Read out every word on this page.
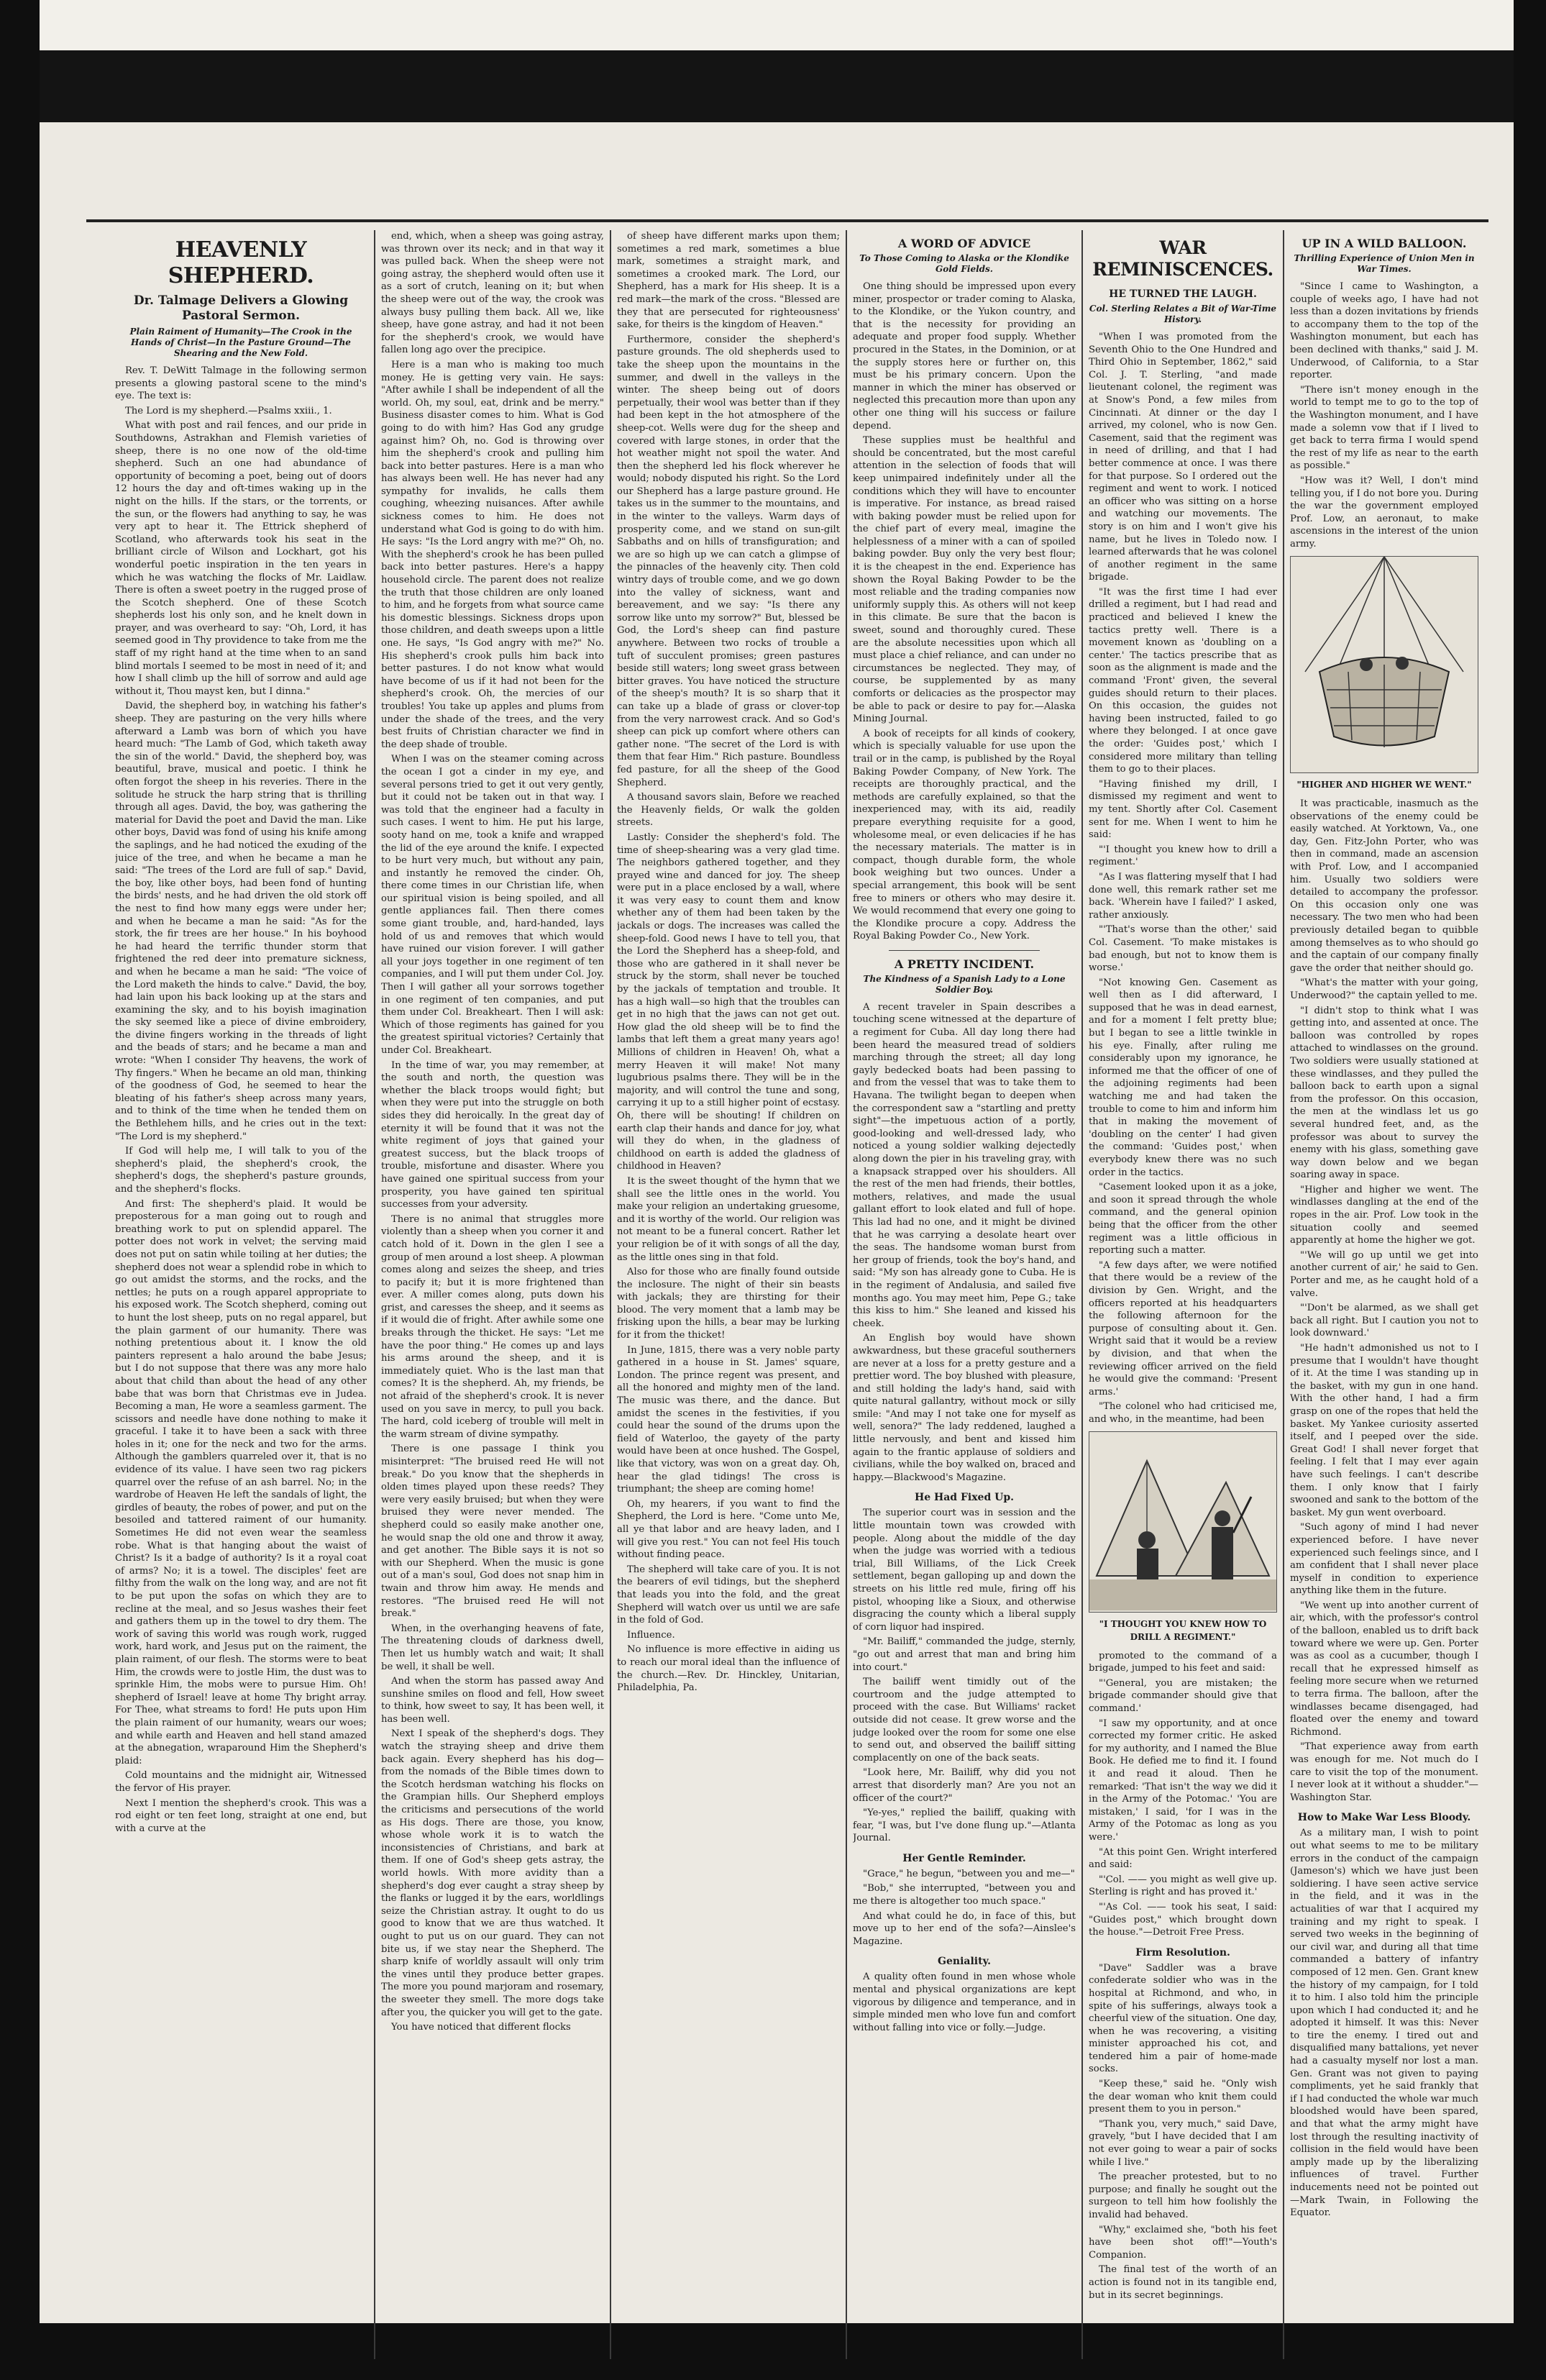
HEAVENLY SHEPHERD.
Dr. Talmage Delivers a Glowing Pastoral Sermon.
Plain Raiment of Humanity—The Crook in the Hands of Christ—In the Pasture Ground—The Shearing and the New Fold.

Rev. T. DeWitt Talmage in the following sermon presents a glowing pastoral scene to the mind's eye. The text is:

The Lord is my shepherd.—Psalms xxiii., 1.

What with post and rail fences, and our pride in Southdowns, Astrakhan and Flemish varieties of sheep, there is no one now of the old-time shepherd. Such an one had abundance of opportunity of becoming a poet, being out of doors 12 hours the day and oft-times waking up in the night on the hills. If the stars, or the torrents, or the sun, or the flowers had anything to say, he was very apt to hear it. The Ettrick shepherd of Scotland, who afterwards took his seat in the brilliant circle of Wilson and Lockhart, got his wonderful poetic inspiration in the ten years in which he was watching the flocks of Mr. Laidlaw. There is often a sweet poetry in the rugged prose of the Scotch shepherd. One of these Scotch shepherds lost his only son, and he knelt down in prayer, and was overheard to say: "Oh, Lord, it has seemed good in Thy providence to take from me the staff of my right hand at the time when to an sand blind mortals I seemed to be most in need of it; and how I shall climb up the hill of sorrow and auld age without it, Thou mayst ken, but I dinna."

David, the shepherd boy, in watching his father's sheep. They are pasturing on the very hills where afterward a Lamb was born of which you have heard much: "The Lamb of God, which taketh away the sin of the world." David, the shepherd boy, was beautiful, brave, musical and poetic. I think he often forgot the sheep in his reveries. There in the solitude he struck the harp string that is thrilling through all ages. David, the boy, was gathering the material for David the poet and David the man. Like other boys, David was fond of using his knife among the saplings, and he had noticed the exuding of the juice of the tree, and when he became a man he said: "The trees of the Lord are full of sap." David, the boy, like other boys, had been fond of hunting the birds' nests, and he had driven the old stork off the nest to find how many eggs were under her; and when he became a man he said: "As for the stork, the fir trees are her house." In his boyhood he had heard the terrific thunder storm that frightened the red deer into premature sickness, and when he became a man he said: "The voice of the Lord maketh the hinds to calve." David, the boy, had lain upon his back looking up at the stars and examining the sky, and to his boyish imagination the sky seemed like a piece of divine embroidery, the divine fingers working in the threads of light and the beads of stars; and he became a man and wrote: "When I consider Thy heavens, the work of Thy fingers." When he became an old man, thinking of the goodness of God, he seemed to hear the bleating of his father's sheep across many years, and to think of the time when he tended them on the Bethlehem hills, and he cries out in the text: "The Lord is my shepherd."

If God will help me, I will talk to you of the shepherd's plaid, the shepherd's crook, the shepherd's dogs, the shepherd's pasture grounds, and the shepherd's flocks.

And first: The shepherd's plaid. It would be preposterous for a man going out to rough and breathing work to put on splendid apparel. The potter does not work in velvet; the serving maid does not put on satin while toiling at her duties; the shepherd does not wear a splendid robe in which to go out amidst the storms, and the rocks, and the nettles; he puts on a rough apparel appropriate to his exposed work. The Scotch shepherd, coming out to hunt the lost sheep, puts on no regal apparel, but the plain garment of our humanity. There was nothing pretentious about it. I know the old painters represent a halo around the babe Jesus; but I do not suppose that there was any more halo about that child than about the head of any other babe that was born that Christmas eve in Judea. Becoming a man, He wore a seamless garment. The scissors and needle have done nothing to make it graceful. I take it to have been a sack with three holes in it; one for the neck and two for the arms. Although the gamblers quarreled over it, that is no evidence of its value. I have seen two rag pickers quarrel over the refuse of an ash barrel. No; in the wardrobe of Heaven He left the sandals of light, the girdles of beauty, the robes of power, and put on the besoiled and tattered raiment of our humanity. Sometimes He did not even wear the seamless robe. What is that hanging about the waist of Christ? Is it a badge of authority? Is it a royal coat of arms? No; it is a towel. The disciples' feet are filthy from the walk on the long way, and are not fit to be put upon the sofas on which they are to recline at the meal, and so Jesus washes their feet and gathers them up in the towel to dry them. The work of saving this world was rough work, rugged work, hard work, and Jesus put on the raiment, the plain raiment, of our flesh. The storms were to beat Him, the crowds were to jostle Him, the dust was to sprinkle Him, the mobs were to pursue Him. Oh! shepherd of Israel! leave at home Thy bright array. For Thee, what streams to ford! He puts upon Him the plain raiment of our humanity, wears our woes; and while earth and Heaven and hell stand amazed at the abnegation, wraparound Him the Shepherd's plaid:

Cold mountains and the midnight air, Witnessed the fervor of His prayer.

Next I mention the shepherd's crook. This was a rod eight or ten feet long, straight at one end, but with a curve at the

end, which, when a sheep was going astray, was thrown over its neck; and in that way it was pulled back. When the sheep were not going astray, the shepherd would often use it as a sort of crutch, leaning on it; but when the sheep were out of the way, the crook was always busy pulling them back. All we, like sheep, have gone astray, and had it not been for the shepherd's crook, we would have fallen long ago over the precipice.

Here is a man who is making too much money. He is getting very vain. He says: "After awhile I shall be independent of all the world. Oh, my soul, eat, drink and be merry." Business disaster comes to him. What is God going to do with him? Has God any grudge against him? Oh, no. God is throwing over him the shepherd's crook and pulling him back into better pastures. Here is a man who has always been well. He has never had any sympathy for invalids, he calls them coughing, wheezing nuisances. After awhile sickness comes to him. He does not understand what God is going to do with him. He says: "Is the Lord angry with me?" Oh, no. With the shepherd's crook he has been pulled back into better pastures. Here's a happy household circle. The parent does not realize the truth that those children are only loaned to him, and he forgets from what source came his domestic blessings. Sickness drops upon those children, and death sweeps upon a little one. He says, "Is God angry with me?" No. His shepherd's crook pulls him back into better pastures. I do not know what would have become of us if it had not been for the shepherd's crook. Oh, the mercies of our troubles! You take up apples and plums from under the shade of the trees, and the very best fruits of Christian character we find in the deep shade of trouble.

When I was on the steamer coming across the ocean I got a cinder in my eye, and several persons tried to get it out very gently, but it could not be taken out in that way. I was told that the engineer had a faculty in such cases. I went to him. He put his large, sooty hand on me, took a knife and wrapped the lid of the eye around the knife. I expected to be hurt very much, but without any pain, and instantly he removed the cinder. Oh, there come times in our Christian life, when our spiritual vision is being spoiled, and all gentle appliances fail. Then there comes some giant trouble, and, hard-handed, lays hold of us and removes that which would have ruined our vision forever. I will gather all your joys together in one regiment of ten companies, and I will put them under Col. Joy. Then I will gather all your sorrows together in one regiment of ten companies, and put them under Col. Breakheart. Then I will ask: Which of those regiments has gained for you the greatest spiritual victories? Certainly that under Col. Breakheart.

In the time of war, you may remember, at the south and north, the question was whether the black troops would fight; but when they were put into the struggle on both sides they did heroically. In the great day of eternity it will be found that it was not the white regiment of joys that gained your greatest success, but the black troops of trouble, misfortune and disaster. Where you have gained one spiritual success from your prosperity, you have gained ten spiritual successes from your adversity.

There is no animal that struggles more violently than a sheep when you corner it and catch hold of it. Down in the glen I see a group of men around a lost sheep. A plowman comes along and seizes the sheep, and tries to pacify it; but it is more frightened than ever. A miller comes along, puts down his grist, and caresses the sheep, and it seems as if it would die of fright. After awhile some one breaks through the thicket. He says: "Let me have the poor thing." He comes up and lays his arms around the sheep, and it is immediately quiet. Who is the last man that comes? It is the shepherd. Ah, my friends, be not afraid of the shepherd's crook. It is never used on you save in mercy, to pull you back. The hard, cold iceberg of trouble will melt in the warm stream of divine sympathy.

There is one passage I think you misinterpret: "The bruised reed He will not break." Do you know that the shepherds in olden times played upon these reeds? They were very easily bruised; but when they were bruised they were never mended. The shepherd could so easily make another one, he would snap the old one and throw it away, and get another. The Bible says it is not so with our Shepherd. When the music is gone out of a man's soul, God does not snap him in twain and throw him away. He mends and restores. "The bruised reed He will not break."

When, in the overhanging heavens of fate, The threatening clouds of darkness dwell, Then let us humbly watch and wait; It shall be well, it shall be well.

And when the storm has passed away And sunshine smiles on flood and fell, How sweet to think, how sweet to say, It has been well, it has been well.

Next I speak of the shepherd's dogs. They watch the straying sheep and drive them back again. Every shepherd has his dog—from the nomads of the Bible times down to the Scotch herdsman watching his flocks on the Grampian hills. Our Shepherd employs the criticisms and persecutions of the world as His dogs. There are those, you know, whose whole work it is to watch the inconsistencies of Christians, and bark at them. If one of God's sheep gets astray, the world howls. With more avidity than a shepherd's dog ever caught a stray sheep by the flanks or lugged it by the ears, worldlings seize the Christian astray. It ought to do us good to know that we are thus watched. It ought to put us on our guard. They can not bite us, if we stay near the Shepherd. The sharp knife of worldly assault will only trim the vines until they produce better grapes. The more you pound marjoram and rosemary, the sweeter they smell. The more dogs take after you, the quicker you will get to the gate.

You have noticed that different flocks

of sheep have different marks upon them; sometimes a red mark, sometimes a blue mark, sometimes a straight mark, and sometimes a crooked mark. The Lord, our Shepherd, has a mark for His sheep. It is a red mark—the mark of the cross. "Blessed are they that are persecuted for righteousness' sake, for theirs is the kingdom of Heaven."

Furthermore, consider the shepherd's pasture grounds. The old shepherds used to take the sheep upon the mountains in the summer, and dwell in the valleys in the winter. The sheep being out of doors perpetually, their wool was better than if they had been kept in the hot atmosphere of the sheep-cot. Wells were dug for the sheep and covered with large stones, in order that the hot weather might not spoil the water. And then the shepherd led his flock wherever he would; nobody disputed his right. So the Lord our Shepherd has a large pasture ground. He takes us in the summer to the mountains, and in the winter to the valleys. Warm days of prosperity come, and we stand on sun-gilt Sabbaths and on hills of transfiguration; and we are so high up we can catch a glimpse of the pinnacles of the heavenly city. Then cold wintry days of trouble come, and we go down into the valley of sickness, want and bereavement, and we say: "Is there any sorrow like unto my sorrow?" But, blessed be God, the Lord's sheep can find pasture anywhere. Between two rocks of trouble a tuft of succulent promises; green pastures beside still waters; long sweet grass between bitter graves. You have noticed the structure of the sheep's mouth? It is so sharp that it can take up a blade of grass or clover-top from the very narrowest crack. And so God's sheep can pick up comfort where others can gather none. "The secret of the Lord is with them that fear Him." Rich pasture. Boundless fed pasture, for all the sheep of the Good Shepherd.

A thousand savors slain, Before we reached the Heavenly fields, Or walk the golden streets.

Lastly: Consider the shepherd's fold. The time of sheep-shearing was a very glad time. The neighbors gathered together, and they prayed wine and danced for joy. The sheep were put in a place enclosed by a wall, where it was very easy to count them and know whether any of them had been taken by the jackals or dogs. The increases was called the sheep-fold. Good news I have to tell you, that the Lord the Shepherd has a sheep-fold, and those who are gathered in it shall never be struck by the storm, shall never be touched by the jackals of temptation and trouble. It has a high wall—so high that the troubles can get in no high that the jaws can not get out. How glad the old sheep will be to find the lambs that left them a great many years ago! Millions of children in Heaven! Oh, what a merry Heaven it will make! Not many lugubrious psalms there. They will be in the majority, and will control the tune and song, carrying it up to a still higher point of ecstasy. Oh, there will be shouting! If children on earth clap their hands and dance for joy, what will they do when, in the gladness of childhood on earth is added the gladness of childhood in Heaven?

It is the sweet thought of the hymn that we shall see the little ones in the world. You make your religion an undertaking gruesome, and it is worthy of the world. Our religion was not meant to be a funeral concert. Rather let your religion be of it with songs of all the day, as the little ones sing in that fold.

Also for those who are finally found outside the inclosure. The night of their sin beasts with jackals; they are thirsting for their blood. The very moment that a lamb may be frisking upon the hills, a bear may be lurking for it from the thicket!

In June, 1815, there was a very noble party gathered in a house in St. James' square, London. The prince regent was present, and all the honored and mighty men of the land. The music was there, and the dance. But amidst the scenes in the festivities, if you could hear the sound of the drums upon the field of Waterloo, the gayety of the party would have been at once hushed. The Gospel, like that victory, was won on a great day. Oh, hear the glad tidings! The cross is triumphant; the sheep are coming home!

Oh, my hearers, if you want to find the Shepherd, the Lord is here. "Come unto Me, all ye that labor and are heavy laden, and I will give you rest." You can not feel His touch without finding peace.

The shepherd will take care of you. It is not the bearers of evil tidings, but the shepherd that leads you into the fold, and the great Shepherd will watch over us until we are safe in the fold of God.

Influence.

No influence is more effective in aiding us to reach our moral ideal than the influence of the church.—Rev. Dr. Hinckley, Unitarian, Philadelphia, Pa.

A WORD OF ADVICE
To Those Coming to Alaska or the Klondike Gold Fields.

One thing should be impressed upon every miner, prospector or trader coming to Alaska, to the Klondike, or the Yukon country, and that is the necessity for providing an adequate and proper food supply. Whether procured in the States, in the Dominion, or at the supply stores here or further on, this must be his primary concern. Upon the manner in which the miner has observed or neglected this precaution more than upon any other one thing will his success or failure depend.

These supplies must be healthful and should be concentrated, but the most careful attention in the selection of foods that will keep unimpaired indefinitely under all the conditions which they will have to encounter is imperative. For instance, as bread raised with baking powder must be relied upon for the chief part of every meal, imagine the helplessness of a miner with a can of spoiled baking powder. Buy only the very best flour; it is the cheapest in the end. Experience has shown the Royal Baking Powder to be the most reliable and the trading companies now uniformly supply this. As others will not keep in this climate. Be sure that the bacon is sweet, sound and thoroughly cured. These are the absolute necessities upon which all must place a chief reliance, and can under no circumstances be neglected. They may, of course, be supplemented by as many comforts or delicacies as the prospector may be able to pack or desire to pay for.—Alaska Mining Journal.

A book of receipts for all kinds of cookery, which is specially valuable for use upon the trail or in the camp, is published by the Royal Baking Powder Company, of New York. The receipts are thoroughly practical, and the methods are carefully explained, so that the inexperienced may, with its aid, readily prepare everything requisite for a good, wholesome meal, or even delicacies if he has the necessary materials. The matter is in compact, though durable form, the whole book weighing but two ounces. Under a special arrangement, this book will be sent free to miners or others who may desire it. We would recommend that every one going to the Klondike procure a copy. Address the Royal Baking Powder Co., New York.

A PRETTY INCIDENT.
The Kindness of a Spanish Lady to a Lone Soldier Boy.

A recent traveler in Spain describes a touching scene witnessed at the departure of a regiment for Cuba. All day long there had been heard the measured tread of soldiers marching through the street; all day long gayly bedecked boats had been passing to and from the vessel that was to take them to Havana. The twilight began to deepen when the correspondent saw a "startling and pretty sight"—the impetuous action of a portly, good-looking and well-dressed lady, who noticed a young soldier walking dejectedly along down the pier in his traveling gray, with a knapsack strapped over his shoulders. All the rest of the men had friends, their bottles, mothers, relatives, and made the usual gallant effort to look elated and full of hope. This lad had no one, and it might be divined that he was carrying a desolate heart over the seas. The handsome woman burst from her group of friends, took the boy's hand, and said: "My son has already gone to Cuba. He is in the regiment of Andalusia, and sailed five months ago. You may meet him, Pepe G.; take this kiss to him." She leaned and kissed his cheek.

An English boy would have shown awkwardness, but these graceful southerners are never at a loss for a pretty gesture and a prettier word. The boy blushed with pleasure, and still holding the lady's hand, said with quite natural gallantry, without mock or silly smile: "And may I not take one for myself as well, senora?" The lady reddened, laughed a little nervously, and bent and kissed him again to the frantic applause of soldiers and civilians, while the boy walked on, braced and happy.—Blackwood's Magazine.

He Had Fixed Up.

The superior court was in session and the little mountain town was crowded with people. Along about the middle of the day when the judge was worried with a tedious trial, Bill Williams, of the Lick Creek settlement, began galloping up and down the streets on his little red mule, firing off his pistol, whooping like a Sioux, and otherwise disgracing the county which a liberal supply of corn liquor had inspired.

"Mr. Bailiff," commanded the judge, sternly, "go out and arrest that man and bring him into court."

The bailiff went timidly out of the courtroom and the judge attempted to proceed with the case. But Williams' racket outside did not cease. It grew worse and the judge looked over the room for some one else to send out, and observed the bailiff sitting complacently on one of the back seats.

"Look here, Mr. Bailiff, why did you not arrest that disorderly man? Are you not an officer of the court?"

"Ye-yes," replied the bailiff, quaking with fear, "I was, but I've done flung up."—Atlanta Journal.

Her Gentle Reminder.

"Grace," he begun, "between you and me—"

"Bob," she interrupted, "between you and me there is altogether too much space."

And what could he do, in face of this, but move up to her end of the sofa?—Ainslee's Magazine.

Geniality.

A quality often found in men whose whole mental and physical organizations are kept vigorous by diligence and temperance, and in simple minded men who love fun and comfort without falling into vice or folly.—Judge.

WAR REMINISCENCES.
HE TURNED THE LAUGH.
Col. Sterling Relates a Bit of War-Time History.

"When I was promoted from the Seventh Ohio to the One Hundred and Third Ohio in September, 1862," said Col. J. T. Sterling, "and made lieutenant colonel, the regiment was at Snow's Pond, a few miles from Cincinnati. At dinner or the day I arrived, my colonel, who is now Gen. Casement, said that the regiment was in need of drilling, and that I had better commence at once. I was there for that purpose. So I ordered out the regiment and went to work. I noticed an officer who was sitting on a horse and watching our movements. The story is on him and I won't give his name, but he lives in Toledo now. I learned afterwards that he was colonel of another regiment in the same brigade.

"It was the first time I had ever drilled a regiment, but I had read and practiced and believed I knew the tactics pretty well. There is a movement known as 'doubling on a center.' The tactics prescribe that as soon as the alignment is made and the command 'Front' given, the several guides should return to their places. On this occasion, the guides not having been instructed, failed to go where they belonged. I at once gave the order: 'Guides post,' which I considered more military than telling them to go to their places.

"Having finished my drill, I dismissed my regiment and went to my tent. Shortly after Col. Casement sent for me. When I went to him he said:

"'I thought you knew how to drill a regiment.'

"As I was flattering myself that I had done well, this remark rather set me back. 'Wherein have I failed?' I asked, rather anxiously.

"'That's worse than the other,' said Col. Casement. 'To make mistakes is bad enough, but not to know them is worse.'

"Not knowing Gen. Casement as well then as I did afterward, I supposed that he was in dead earnest, and for a moment I felt pretty blue; but I began to see a little twinkle in his eye. Finally, after ruling me considerably upon my ignorance, he informed me that the officer of one of the adjoining regiments had been watching me and had taken the trouble to come to him and inform him that in making the movement of 'doubling on the center' I had given the command: 'Guides post,' when everybody knew there was no such order in the tactics.

"Casement looked upon it as a joke, and soon it spread through the whole command, and the general opinion being that the officer from the other regiment was a little officious in reporting such a matter.

"A few days after, we were notified that there would be a review of the division by Gen. Wright, and the officers reported at his headquarters the following afternoon for the purpose of consulting about it. Gen. Wright said that it would be a review by division, and that when the reviewing officer arrived on the field he would give the command: 'Present arms.'

"The colonel who had criticised me, and who, in the meantime, had been

"I THOUGHT YOU KNEW HOW TO DRILL A REGIMENT."

promoted to the command of a brigade, jumped to his feet and said:

"'General, you are mistaken; the brigade commander should give that command.'

"I saw my opportunity, and at once corrected my former critic. He asked for my authority, and I named the Blue Book. He defied me to find it. I found it and read it aloud. Then he remarked: 'That isn't the way we did it in the Army of the Potomac.' 'You are mistaken,' I said, 'for I was in the Army of the Potomac as long as you were.'

"At this point Gen. Wright interfered and said:

"'Col. —— you might as well give up. Sterling is right and has proved it.'

"'As Col. —— took his seat, I said: "Guides post," which brought down the house."—Detroit Free Press.

Firm Resolution.

"Dave" Saddler was a brave confederate soldier who was in the hospital at Richmond, and who, in spite of his sufferings, always took a cheerful view of the situation. One day, when he was recovering, a visiting minister approached his cot, and tendered him a pair of home-made socks.

"Keep these," said he. "Only wish the dear woman who knit them could present them to you in person."

"Thank you, very much," said Dave, gravely, "but I have decided that I am not ever going to wear a pair of socks while I live."

The preacher protested, but to no purpose; and finally he sought out the surgeon to tell him how foolishly the invalid had behaved.

"Why," exclaimed she, "both his feet have been shot off!"—Youth's Companion.

The final test of the worth of an action is found not in its tangible end, but in its secret beginnings.

UP IN A WILD BALLOON.
Thrilling Experience of Union Men in War Times.

"Since I came to Washington, a couple of weeks ago, I have had not less than a dozen invitations by friends to accompany them to the top of the Washington monument, but each has been declined with thanks," said J. M. Underwood, of California, to a Star reporter.

"There isn't money enough in the world to tempt me to go to the top of the Washington monument, and I have made a solemn vow that if I lived to get back to terra firma I would spend the rest of my life as near to the earth as possible."

"How was it? Well, I don't mind telling you, if I do not bore you. During the war the government employed Prof. Low, an aeronaut, to make ascensions in the interest of the union army.

"HIGHER AND HIGHER WE WENT."

It was practicable, inasmuch as the observations of the enemy could be easily watched. At Yorktown, Va., one day, Gen. Fitz-John Porter, who was then in command, made an ascension with Prof. Low, and I accompanied him. Usually two soldiers were detailed to accompany the professor. On this occasion only one was necessary. The two men who had been previously detailed began to quibble among themselves as to who should go and the captain of our company finally gave the order that neither should go.

"What's the matter with your going, Underwood?" the captain yelled to me.

"I didn't stop to think what I was getting into, and assented at once. The balloon was controlled by ropes attached to windlasses on the ground. Two soldiers were usually stationed at these windlasses, and they pulled the balloon back to earth upon a signal from the professor. On this occasion, the men at the windlass let us go several hundred feet, and, as the professor was about to survey the enemy with his glass, something gave way down below and we began soaring away in space.

"Higher and higher we went. The windlasses dangling at the end of the ropes in the air. Prof. Low took in the situation coolly and seemed apparently at home the higher we got.

"'We will go up until we get into another current of air,' he said to Gen. Porter and me, as he caught hold of a valve.

"'Don't be alarmed, as we shall get back all right. But I caution you not to look downward.'

"He hadn't admonished us not to I presume that I wouldn't have thought of it. At the time I was standing up in the basket, with my gun in one hand. With the other hand, I had a firm grasp on one of the ropes that held the basket. My Yankee curiosity asserted itself, and I peeped over the side. Great God! I shall never forget that feeling. I felt that I may ever again have such feelings. I can't describe them. I only know that I fairly swooned and sank to the bottom of the basket. My gun went overboard.

"Such agony of mind I had never experienced before. I have never experienced such feelings since, and I am confident that I shall never place myself in condition to experience anything like them in the future.

"We went up into another current of air, which, with the professor's control of the balloon, enabled us to drift back toward where we were up. Gen. Porter was as cool as a cucumber, though I recall that he expressed himself as feeling more secure when we returned to terra firma. The balloon, after the windlasses became disengaged, had floated over the enemy and toward Richmond.

"That experience away from earth was enough for me. Not much do I care to visit the top of the monument. I never look at it without a shudder."—Washington Star.

How to Make War Less Bloody.

As a military man, I wish to point out what seems to me to be military errors in the conduct of the campaign (Jameson's) which we have just been soldiering. I have seen active service in the field, and it was in the actualities of war that I acquired my training and my right to speak. I served two weeks in the beginning of our civil war, and during all that time commanded a battery of infantry composed of 12 men. Gen. Grant knew the history of my campaign, for I told it to him. I also told him the principle upon which I had conducted it; and he adopted it himself. It was this: Never to tire the enemy. I tired out and disqualified many battalions, yet never had a casualty myself nor lost a man. Gen. Grant was not given to paying compliments, yet he said frankly that if I had conducted the whole war much bloodshed would have been spared, and that what the army might have lost through the resulting inactivity of collision in the field would have been amply made up by the liberalizing influences of travel. Further inducements need not be pointed out—Mark Twain, in Following the Equator.
